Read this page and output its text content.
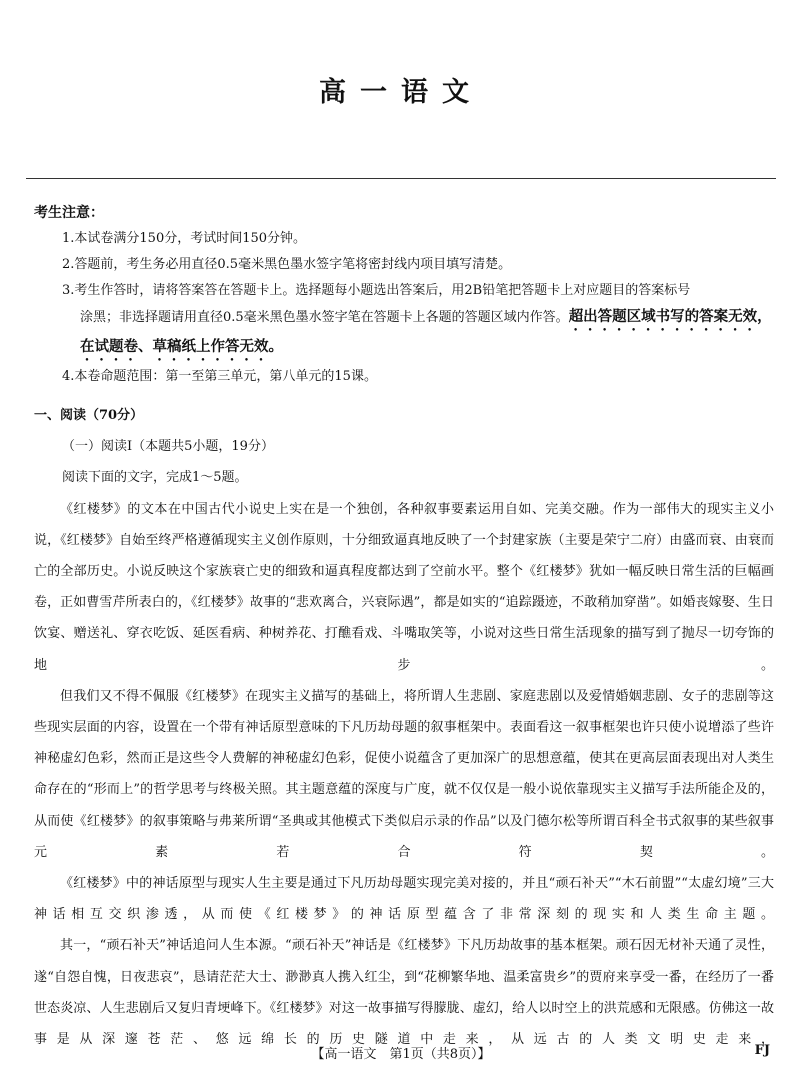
高一语文
考生注意：
1.本试卷满分150分，考试时间150分钟。
2.答题前，考生务必用直径0.5毫米黑色墨水签字笔将密封线内项目填写清楚。
3.考生作答时，请将答案答在答题卡上。选择题每小题选出答案后，用2B铅笔把答题卡上对应题目的答案标号
涂黑；非选择题请用直径0.5毫米黑色墨水签字笔在答题卡上各题的答题区域内作答。超出答题区域书写的答案无效，在试题卷、草稿纸上作答无效。
4.本卷命题范围：第一至第三单元，第八单元的15课。
一、阅读（70分）
（一）阅读Ⅰ（本题共5小题，19分）
阅读下面的文字，完成1～5题。

《红楼梦》的文本在中国古代小说史上实在是一个独创，各种叙事要素运用自如、完美交融。作为一部伟大的现实主义小说，《红楼梦》自始至终严格遵循现实主义创作原则，十分细致逼真地反映了一个封建家族（主要是荣宁二府）由盛而衰、由衰而亡的全部历史。小说反映这个家族衰亡史的细致和逼真程度都达到了空前水平。整个《红楼梦》犹如一幅反映日常生活的巨幅画卷，正如曹雪芹所表白的，《红楼梦》故事的“悲欢离合，兴衰际遇”，都是如实的“追踪蹑迹，不敢稍加穿凿”。如婚丧嫁娶、生日饮宴、赠送礼、穿衣吃饭、延医看病、种树养花、打醮看戏、斗嘴取笑等，小说对这些日常生活现象的描写到了抛尽一切夸饰的地步。

但我们又不得不佩服《红楼梦》在现实主义描写的基础上，将所谓人生悲剧、家庭悲剧以及爱情婚姻悲剧、女子的悲剧等这些现实层面的内容，设置在一个带有神话原型意味的下凡历劫母题的叙事框架中。表面看这一叙事框架也许只使小说增添了些许神秘虚幻色彩，然而正是这些令人费解的神秘虚幻色彩，促使小说蕴含了更加深广的思想意蕴，使其在更高层面表现出对人类生命存在的“形而上”的哲学思考与终极关照。其主题意蕴的深度与广度，就不仅仅是一般小说依靠现实主义描写手法所能企及的，从而使《红楼梦》的叙事策略与弗莱所谓“圣典或其他模式下类似启示录的作品”以及门德尔松等所谓百科全书式叙事的某些叙事元素若合符契。

《红楼梦》中的神话原型与现实人生主要是通过下凡历劫母题实现完美对接的，并且“顽石补天”“木石前盟”“太虚幻境”三大神话相互交织渗透，从而使《红楼梦》的神话原型蕴含了非常深刻的现实和人类生命主题。

其一，“顽石补天”神话追问人生本源。“顽石补天”神话是《红楼梦》下凡历劫故事的基本框架。顽石因无材补天通了灵性，遂“自怨自愧，日夜悲哀”，恳请茫茫大士、渺渺真人携入红尘，到“花柳繁华地、温柔富贵乡”的贾府来享受一番，在经历了一番世态炎凉、人生悲剧后又复归青埂峰下。《红楼梦》对这一故事描写得朦胧、虚幻，给人以时空上的洪荒感和无限感。仿佛这一故事是从深邃苍茫、悠远绵长的历史隧道中走来，从远古的人类文明史走来，

【高一语文　第1页（共8页）】	FJ
